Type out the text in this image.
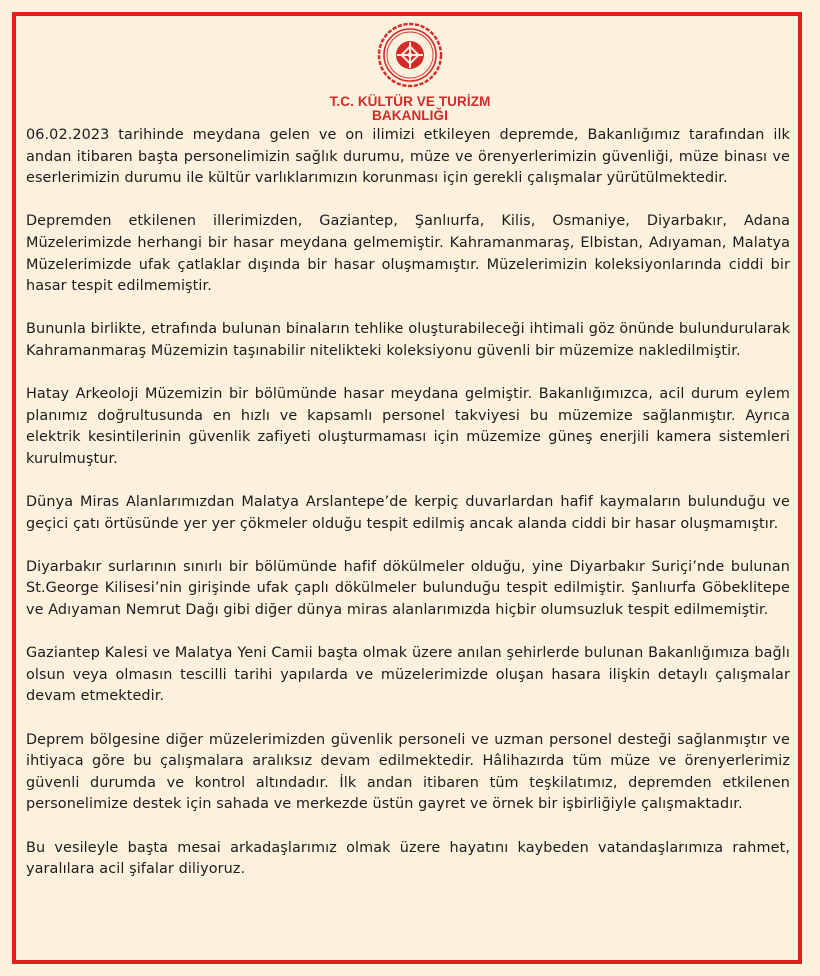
T.C. KÜLTÜR VE TURİZM
BAKANLIĞI

06.02.2023 tarihinde meydana gelen ve on ilimizi etkileyen depremde, Bakanlığımız tarafından ilk andan itibaren başta personelimizin sağlık durumu, müze ve örenyerlerimizin güvenliği, müze binası ve eserlerimizin durumu ile kültür varlıklarımızın korunması için gerekli çalışmalar yürütülmektedir.

Depremden etkilenen illerimizden, Gaziantep, Şanlıurfa, Kilis, Osmaniye, Diyarbakır, Adana Müzelerimizde herhangi bir hasar meydana gelmemiştir. Kahramanmaraş, Elbistan, Adıyaman, Malatya Müzelerimizde ufak çatlaklar dışında bir hasar oluşmamıştır. Müzelerimizin koleksiyonlarında ciddi bir hasar tespit edilmemiştir.

Bununla birlikte, etrafında bulunan binaların tehlike oluşturabileceği ihtimali göz önünde bulundurularak Kahramanmaraş Müzemizin taşınabilir nitelikteki koleksiyonu güvenli bir müzemize nakledilmiştir.

Hatay Arkeoloji Müzemizin bir bölümünde hasar meydana gelmiştir. Bakanlığımızca, acil durum eylem planımız doğrultusunda en hızlı ve kapsamlı personel takviyesi bu müzemize sağlanmıştır. Ayrıca elektrik kesintilerinin güvenlik zafiyeti oluşturmaması için müzemize güneş enerjili kamera sistemleri kurulmuştur.

Dünya Miras Alanlarımızdan Malatya Arslantepe’de kerpiç duvarlardan hafif kaymaların bulunduğu ve geçici çatı örtüsünde yer yer çökmeler olduğu tespit edilmiş ancak alanda ciddi bir hasar oluşmamıştır.

Diyarbakır surlarının sınırlı bir bölümünde hafif dökülmeler olduğu, yine Diyarbakır Suriçi’nde bulunan St.George Kilisesi’nin girişinde ufak çaplı dökülmeler bulunduğu tespit edilmiştir. Şanlıurfa Göbeklitepe ve Adıyaman Nemrut Dağı gibi diğer dünya miras alanlarımızda hiçbir olumsuzluk tespit edilmemiştir.

Gaziantep Kalesi ve Malatya Yeni Camii başta olmak üzere anılan şehirlerde bulunan Bakanlığımıza bağlı olsun veya olmasın tescilli tarihi yapılarda ve müzelerimizde oluşan hasara ilişkin detaylı çalışmalar devam etmektedir.

Deprem bölgesine diğer müzelerimizden güvenlik personeli ve uzman personel desteği sağlanmıştır ve ihtiyaca göre bu çalışmalara aralıksız devam edilmektedir. Hâlihazırda tüm müze ve örenyerlerimiz güvenli durumda ve kontrol altındadır. İlk andan itibaren tüm teşkilatımız, depremden etkilenen personelimize destek için sahada ve merkezde üstün gayret ve örnek bir işbirliğiyle çalışmaktadır.

Bu vesileyle başta mesai arkadaşlarımız olmak üzere hayatını kaybeden vatandaşlarımıza rahmet, yaralılara acil şifalar diliyoruz.
